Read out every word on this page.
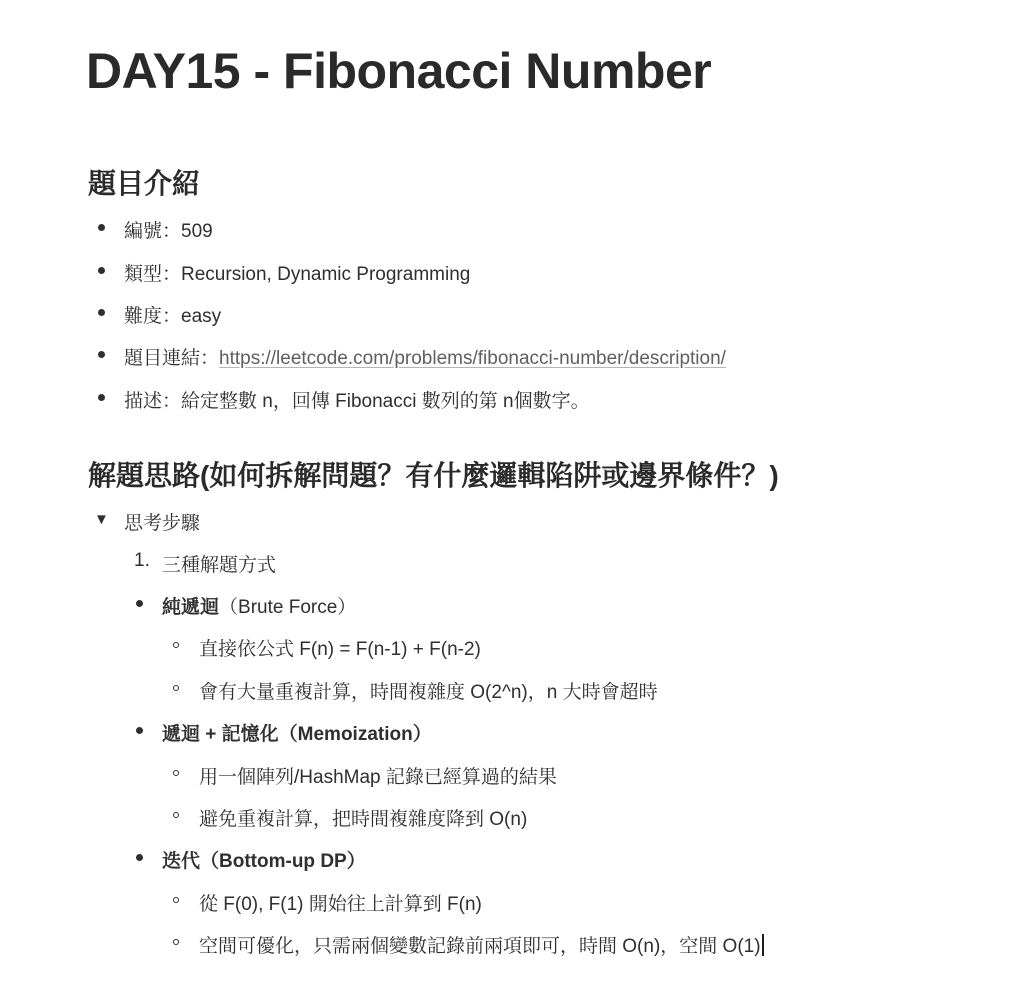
DAY15 - Fibonacci Number
題目介紹
編號：509
類型：Recursion, Dynamic Programming
難度：easy
題目連結：https://leetcode.com/problems/fibonacci-number/description/
描述：給定整數 n，回傳 Fibonacci 數列的第 n個數字。
解題思路(如何拆解問題？有什麼邏輯陷阱或邊界條件？)
▼ 思考步驟
1. 三種解題方式
純遞迴（Brute Force）
直接依公式 F(n) = F(n-1) + F(n-2)
會有大量重複計算，時間複雜度 O(2^n)，n 大時會超時
遞迴 + 記憶化（Memoization）
用一個陣列/HashMap 記錄已經算過的結果
避免重複計算，把時間複雜度降到 O(n)
迭代（Bottom-up DP）
從 F(0), F(1) 開始往上計算到 F(n)
空間可優化，只需兩個變數記錄前兩項即可，時間 O(n)，空間 O(1)
